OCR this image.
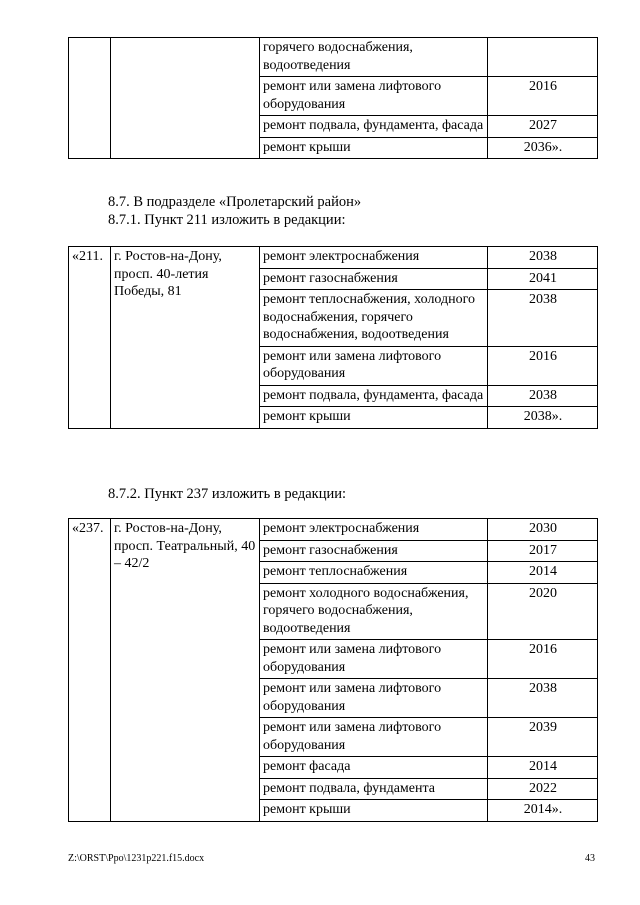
		горячего водоснабжения, водоотведения	
		ремонт или замена лифтового оборудования	2016
		ремонт подвала, фундамента, фасада	2027
		ремонт крыши	2036».
8.7. В подразделе «Пролетарский район»
8.7.1. Пункт 211 изложить в редакции:
«211.	г. Ростов-на-Дону, просп. 40-летия Победы, 81	ремонт электроснабжения	2038
		ремонт газоснабжения	2041
		ремонт теплоснабжения, холодного водоснабжения, горячего водоснабжения, водоотведения	2038
		ремонт или замена лифтового оборудования	2016
		ремонт подвала, фундамента, фасада	2038
		ремонт крыши	2038».
8.7.2. Пункт 237 изложить в редакции:
«237.	г. Ростов-на-Дону, просп. Театральный, 40 – 42/2	ремонт электроснабжения	2030
		ремонт газоснабжения	2017
		ремонт теплоснабжения	2014
		ремонт холодного водоснабжения, горячего водоснабжения, водоотведения	2020
		ремонт или замена лифтового оборудования	2016
		ремонт или замена лифтового оборудования	2038
		ремонт или замена лифтового оборудования	2039
		ремонт фасада	2014
		ремонт подвала, фундамента	2022
		ремонт крыши	2014».
Z:\ORST\Ppo\1231p221.f15.docx	43
